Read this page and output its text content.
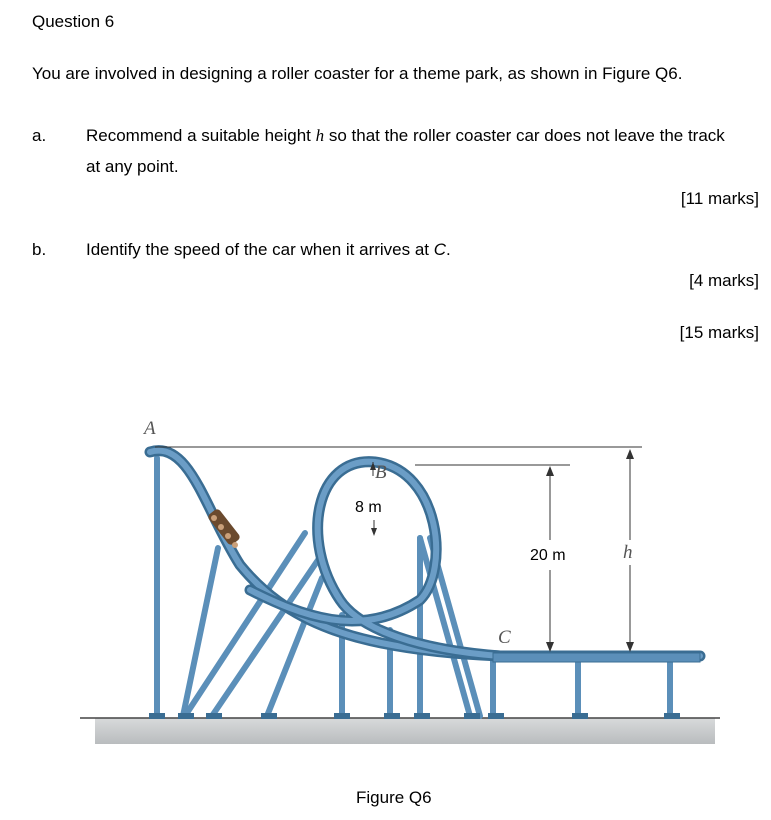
Question 6
You are involved in designing a roller coaster for a theme park, as shown in Figure Q6.
a. Recommend a suitable height h so that the roller coaster car does not leave the track
at any point.
[11 marks]
b. Identify the speed of the car when it arrives at C.
[4 marks]
[15 marks]
A
B
C
h
8 m
20 m
Figure Q6
